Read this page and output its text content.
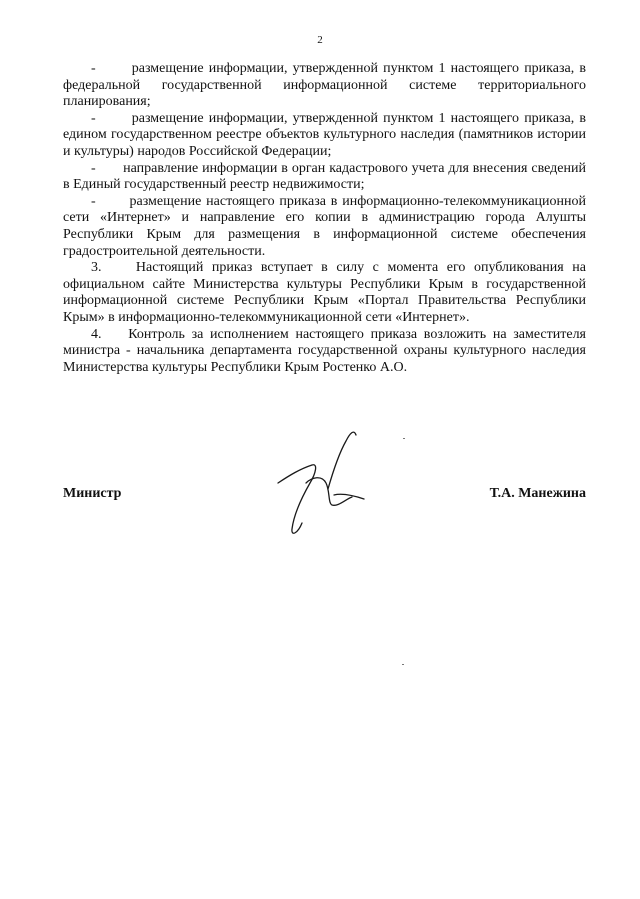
2

-       размещение информации, утвержденной пунктом 1 настоящего приказа, в федеральной государственной информационной системе территориального планирования;

-       размещение информации, утвержденной пунктом 1 настоящего приказа, в едином государственном реестре объектов культурного наследия (памятников истории и культуры) народов Российской Федерации;

-       направление информации в орган кадастрового учета для внесения сведений в Единый государственный реестр недвижимости;

-       размещение настоящего приказа в информационно-телекоммуникационной сети «Интернет» и направление его копии в администрацию города Алушты Республики Крым для размещения в информационной системе обеспечения градостроительной деятельности.

3.    Настоящий приказ вступает в силу с момента его опубликования на официальном сайте Министерства культуры Республики Крым в государственной информационной системе Республики Крым «Портал Правительства Республики Крым» в информационно-телекоммуникационной сети «Интернет».

4.    Контроль за исполнением настоящего приказа возложить на заместителя министра - начальника департамента государственной охраны культурного наследия Министерства культуры Республики Крым Ростенко А.О.

Министр	Т.А. Манежина
